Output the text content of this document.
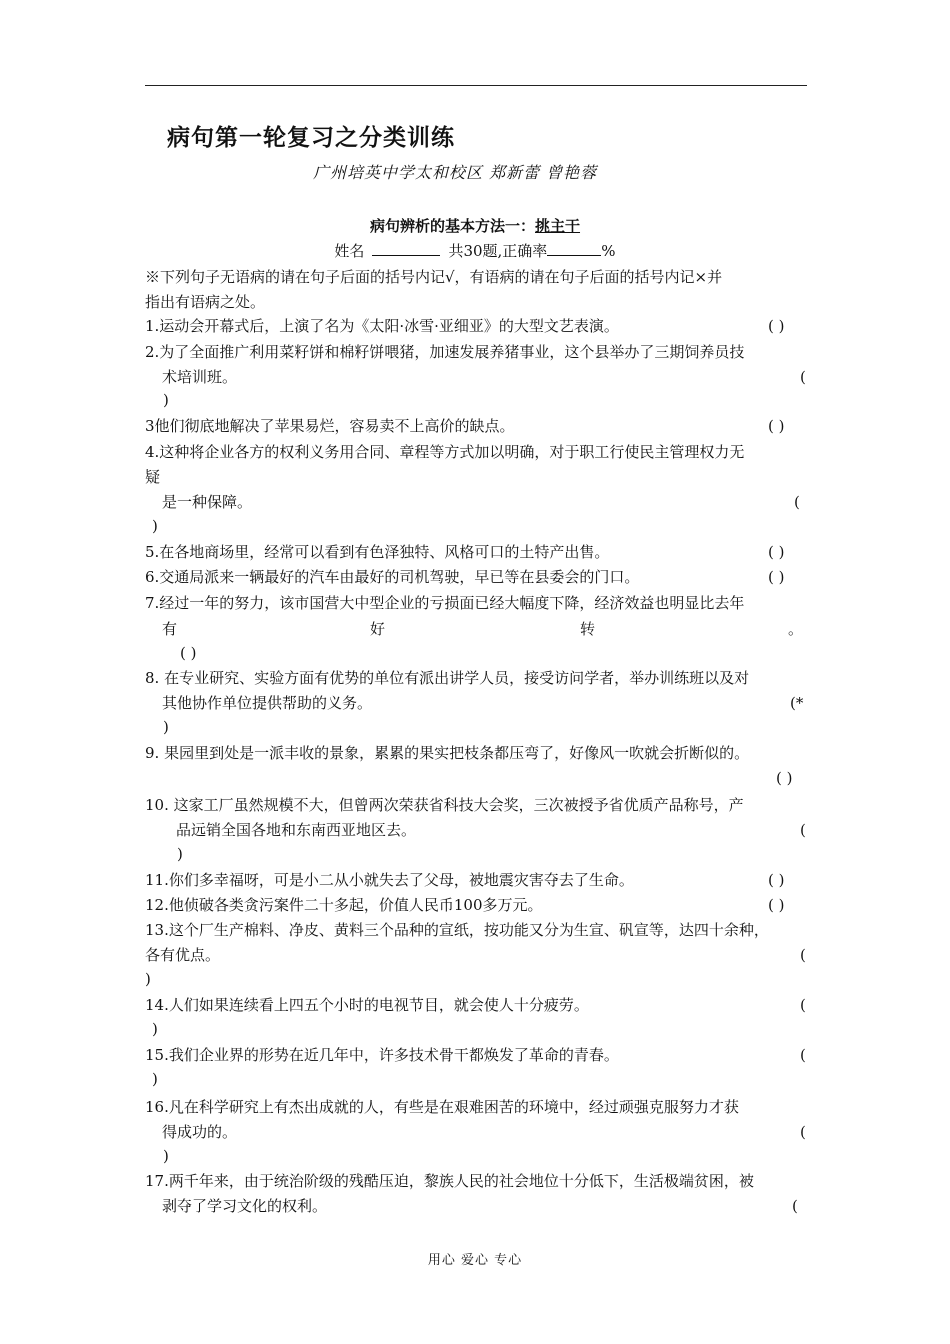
病句第一轮复习之分类训练
广州培英中学太和校区 郑新蕾 曾艳蓉
病句辨析的基本方法一：挑主干
姓名	共30题,正确率	%
※下列句子无语病的请在句子后面的括号内记√，有语病的请在句子后面的括号内记×并
指出有语病之处。
1.运动会开幕式后，上演了名为《太阳·冰雪·亚细亚》的大型文艺表演。	( )
2.为了全面推广利用菜籽饼和棉籽饼喂猪，加速发展养猪事业，这个县举办了三期饲养员技
术培训班。	(
)
3他们彻底地解决了苹果易烂，容易卖不上高价的缺点。	( )
4.这种将企业各方的权利义务用合同、章程等方式加以明确，对于职工行使民主管理权力无
疑
是一种保障。	(
)
5.在各地商场里，经常可以看到有色泽独特、风格可口的土特产出售。	( )
6.交通局派来一辆最好的汽车由最好的司机驾驶，早已等在县委会的门口。	( )
7.经过一年的努力，该市国营大中型企业的亏损面已经大幅度下降，经济效益也明显比去年
有	好	转	。
( )
8. 在专业研究、实验方面有优势的单位有派出讲学人员，接受访问学者，举办训练班以及对
其他协作单位提供帮助的义务。	(*
)
9. 果园里到处是一派丰收的景象，累累的果实把枝条都压弯了，好像风一吹就会折断似的。
( )
10. 这家工厂虽然规模不大，但曾两次荣获省科技大会奖，三次被授予省优质产品称号，产
品远销全国各地和东南西亚地区去。	(
)
11.你们多幸福呀，可是小二从小就失去了父母，被地震灾害夺去了生命。	( )
12.他侦破各类贪污案件二十多起，价值人民币100多万元。	( )
13.这个厂生产棉料、净皮、黄料三个品种的宣纸，按功能又分为生宣、矾宣等，达四十余种，
各有优点。	(
)
14.人们如果连续看上四五个小时的电视节目，就会使人十分疲劳。	(
)
15.我们企业界的形势在近几年中，许多技术骨干都焕发了革命的青春。	(
)
16.凡在科学研究上有杰出成就的人，有些是在艰难困苦的环境中，经过顽强克服努力才获
得成功的。	(
)
17.两千年来，由于统治阶级的残酷压迫，黎族人民的社会地位十分低下，生活极端贫困，被
剥夺了学习文化的权利。	(
用心 爱心 专心
